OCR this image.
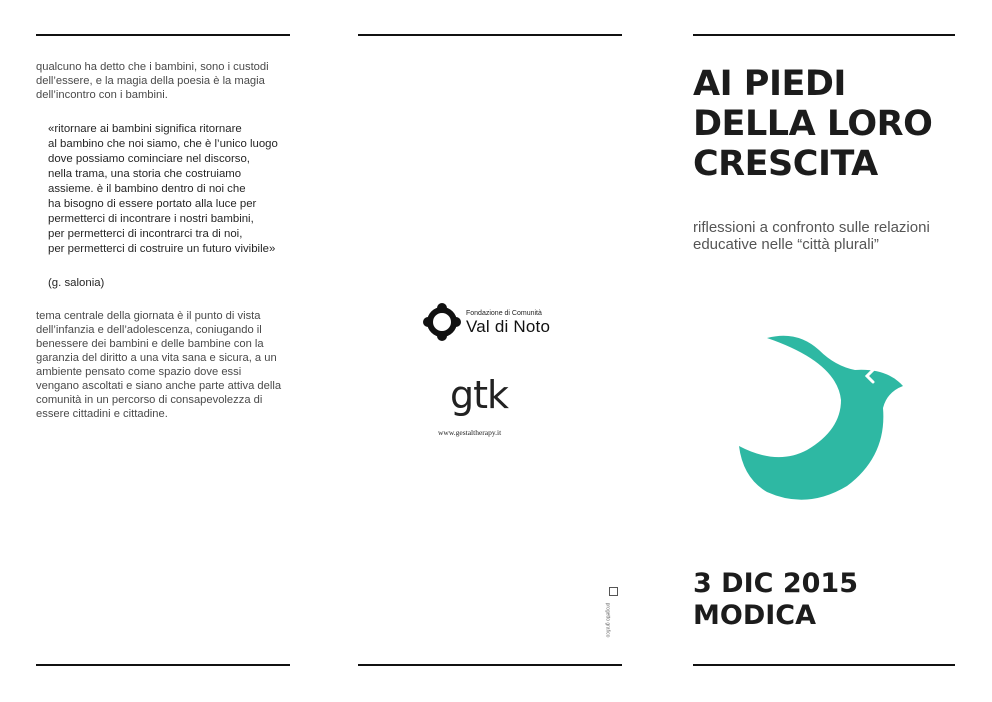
qualcuno ha detto che i bambini, sono i custodi
dell’essere, e la magia della poesia è la magia
dell’incontro con i bambini.

«ritornare ai bambini significa ritornare
al bambino che noi siamo, che è l’unico luogo
dove possiamo cominciare nel discorso,
nella trama, una storia che costruiamo
assieme. è il bambino dentro di noi che
ha bisogno di essere portato alla luce per
permetterci di incontrare i nostri bambini,
per permetterci di incontrarci tra di noi,
per permetterci di costruire un futuro vivibile»

(g. salonia)

tema centrale della giornata è il punto di vista
dell’infanzia e dell’adolescenza, coniugando il
benessere dei bambini e delle bambine con la
garanzia del diritto a una vita sana e sicura, a un
ambiente pensato come spazio dove essi
vengano ascoltati e siano anche parte attiva della
comunità in un percorso di consapevolezza di
essere cittadini e cittadine.

Fondazione di Comunità
Val di Noto
gtk
www.gestaltherapy.it
progetto grafico
AI PIEDI
DELLA LORO
CRESCITA
riflessioni a confronto sulle relazioni
educative nelle “città plurali”
3 DIC 2015
MODICA
